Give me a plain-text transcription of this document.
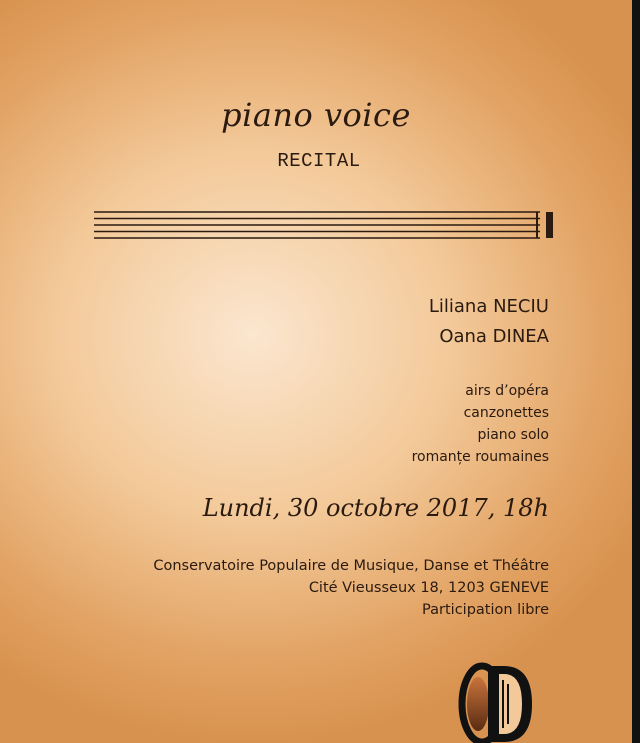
piano voice
RECITAL
Liliana NECIU
Oana DINEA
airs d’opéra
canzonettes
piano solo
romanțe roumaines
Lundi, 30 octobre 2017, 18h
Conservatoire Populaire de Musique, Danse et Théâtre
Cité Vieusseux 18, 1203 GENEVE
Participation libre
